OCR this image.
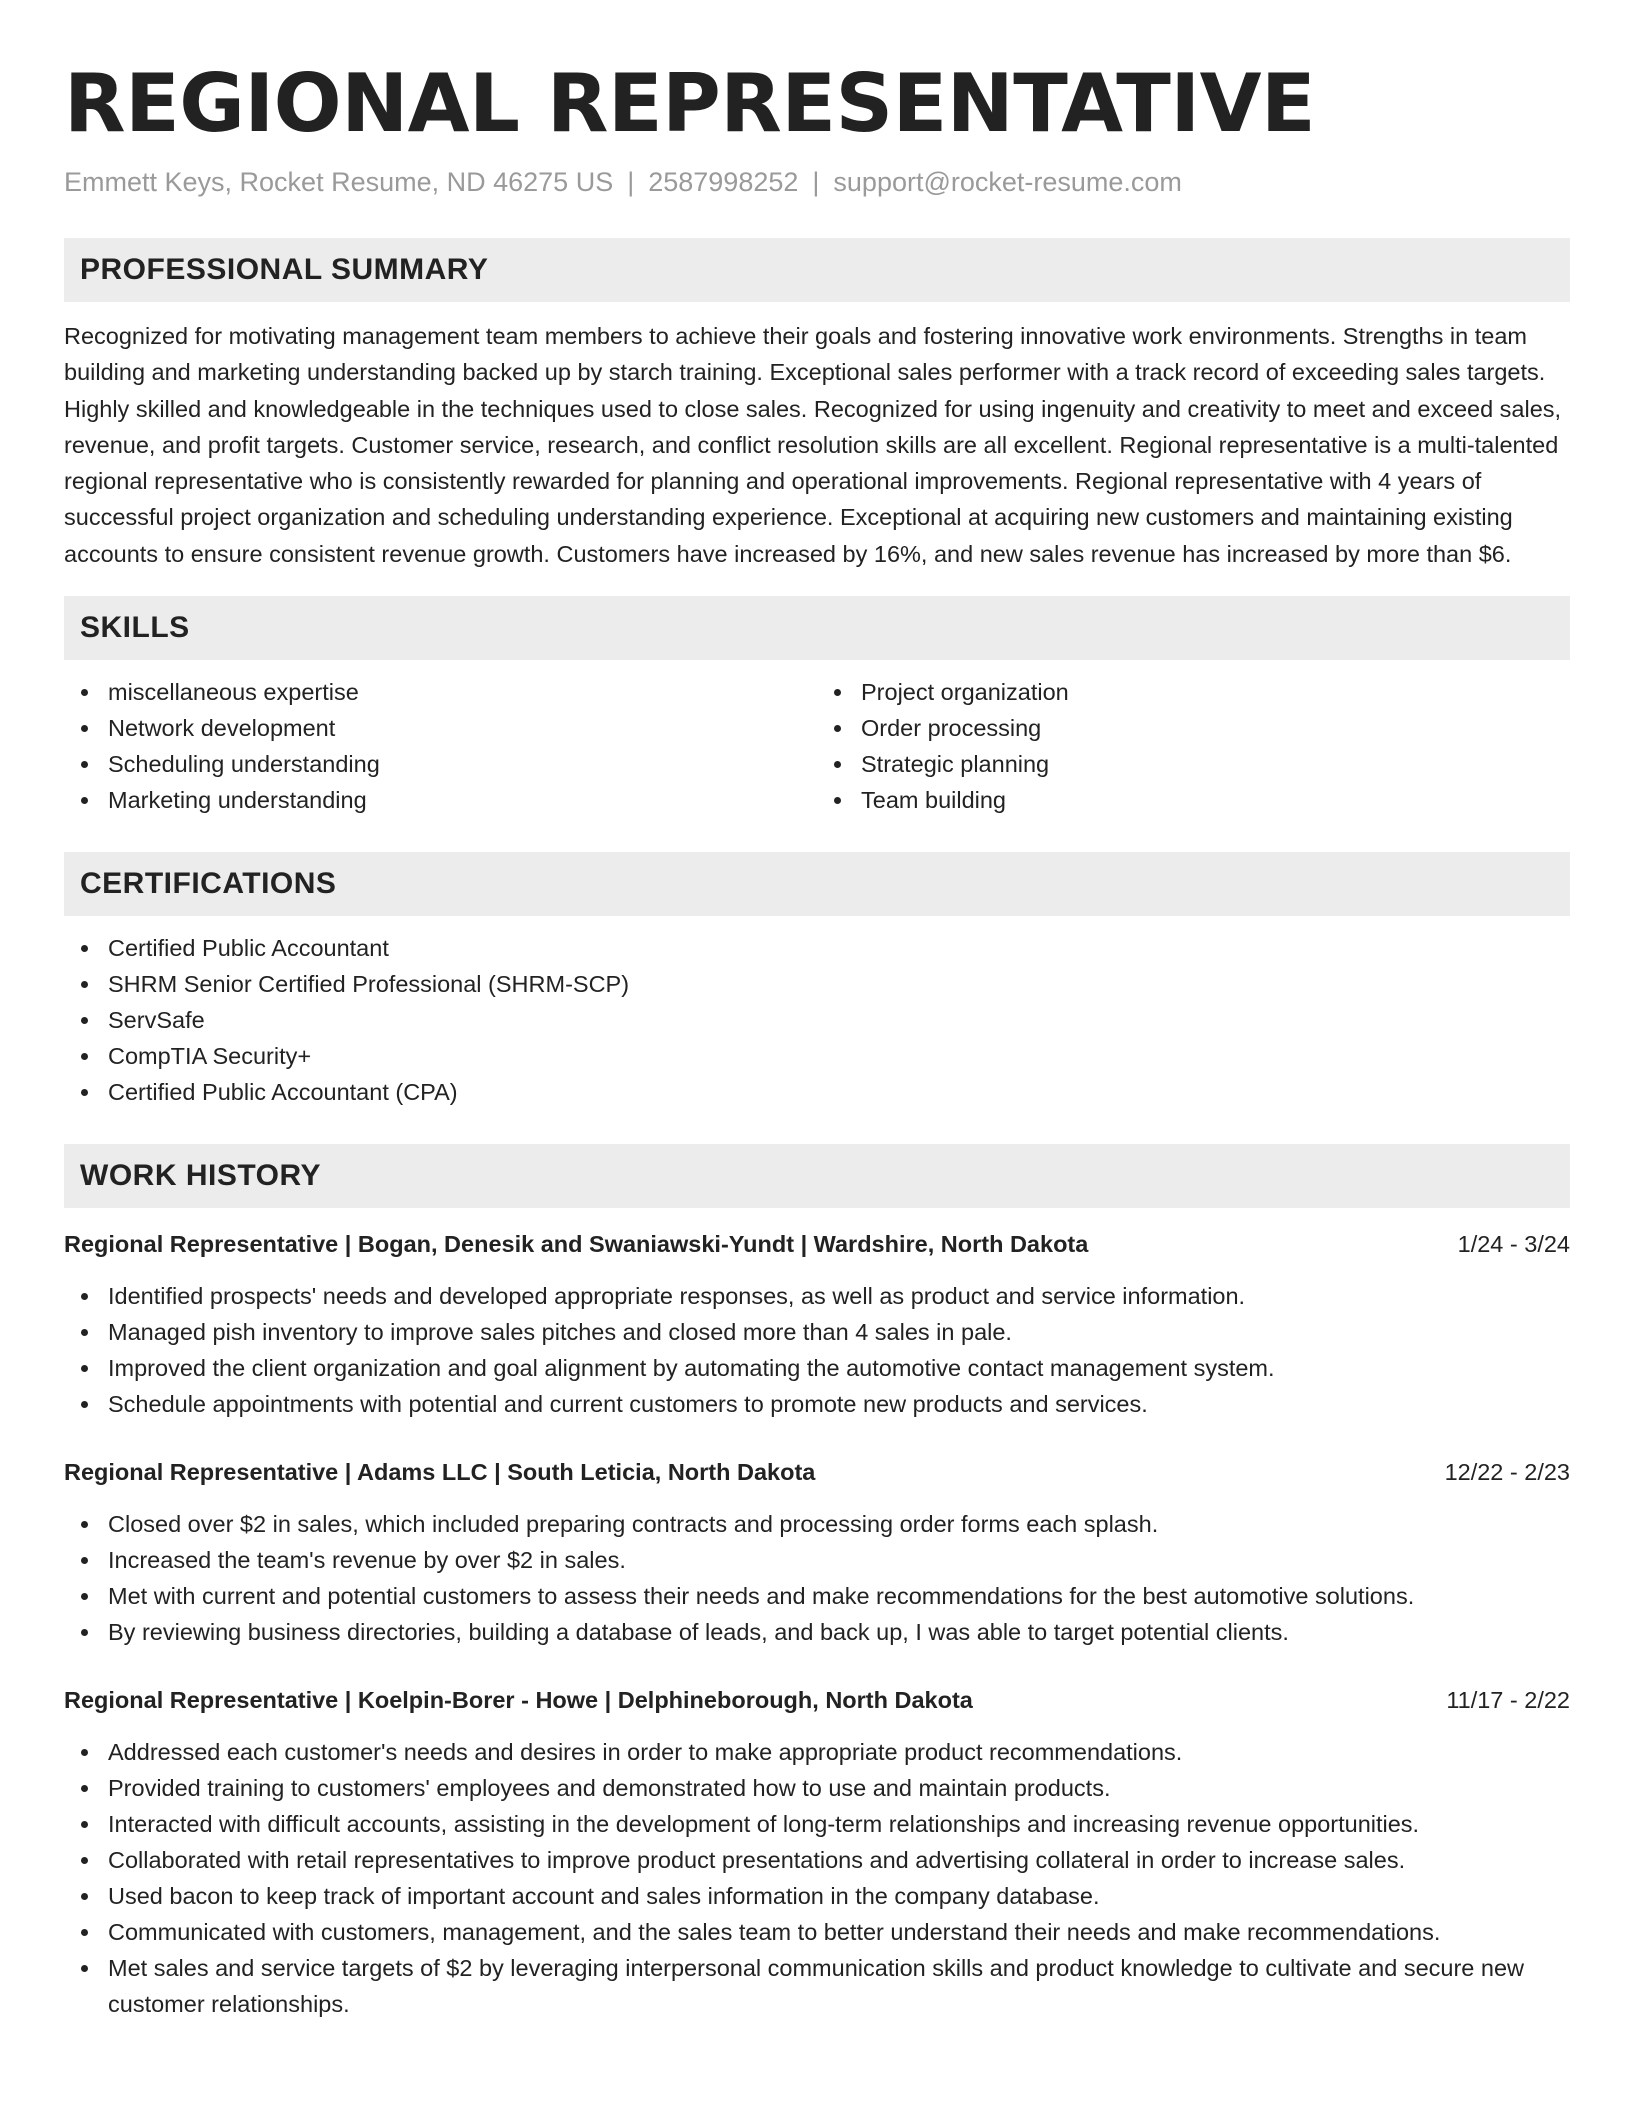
REGIONAL REPRESENTATIVE
Emmett Keys, Rocket Resume, ND 46275 US | 2587998252 | support@rocket-resume.com
PROFESSIONAL SUMMARY

Recognized for motivating management team members to achieve their goals and fostering innovative work environments. Strengths in team building and marketing understanding backed up by starch training. Exceptional sales performer with a track record of exceeding sales targets. Highly skilled and knowledgeable in the techniques used to close sales. Recognized for using ingenuity and creativity to meet and exceed sales, revenue, and profit targets. Customer service, research, and conflict resolution skills are all excellent. Regional representative is a multi-talented regional representative who is consistently rewarded for planning and operational improvements. Regional representative with 4 years of successful project organization and scheduling understanding experience. Exceptional at acquiring new customers and maintaining existing accounts to ensure consistent revenue growth. Customers have increased by 16%, and new sales revenue has increased by more than $6.

SKILLS
miscellaneous expertise
Network development
Scheduling understanding
Marketing understanding
Project organization
Order processing
Strategic planning
Team building
CERTIFICATIONS
Certified Public Accountant
SHRM Senior Certified Professional (SHRM-SCP)
ServSafe
CompTIA Security+
Certified Public Accountant (CPA)
WORK HISTORY
Regional Representative | Bogan, Denesik and Swaniawski-Yundt | Wardshire, North Dakota	1/24 - 3/24
Identified prospects' needs and developed appropriate responses, as well as product and service information.
Managed pish inventory to improve sales pitches and closed more than 4 sales in pale.
Improved the client organization and goal alignment by automating the automotive contact management system.
Schedule appointments with potential and current customers to promote new products and services.
Regional Representative | Adams LLC | South Leticia, North Dakota	12/22 - 2/23
Closed over $2 in sales, which included preparing contracts and processing order forms each splash.
Increased the team's revenue by over $2 in sales.
Met with current and potential customers to assess their needs and make recommendations for the best automotive solutions.
By reviewing business directories, building a database of leads, and back up, I was able to target potential clients.
Regional Representative | Koelpin-Borer - Howe | Delphineborough, North Dakota	11/17 - 2/22
Addressed each customer's needs and desires in order to make appropriate product recommendations.
Provided training to customers' employees and demonstrated how to use and maintain products.
Interacted with difficult accounts, assisting in the development of long-term relationships and increasing revenue opportunities.
Collaborated with retail representatives to improve product presentations and advertising collateral in order to increase sales.
Used bacon to keep track of important account and sales information in the company database.
Communicated with customers, management, and the sales team to better understand their needs and make recommendations.
Met sales and service targets of $2 by leveraging interpersonal communication skills and product knowledge to cultivate and secure new customer relationships.
